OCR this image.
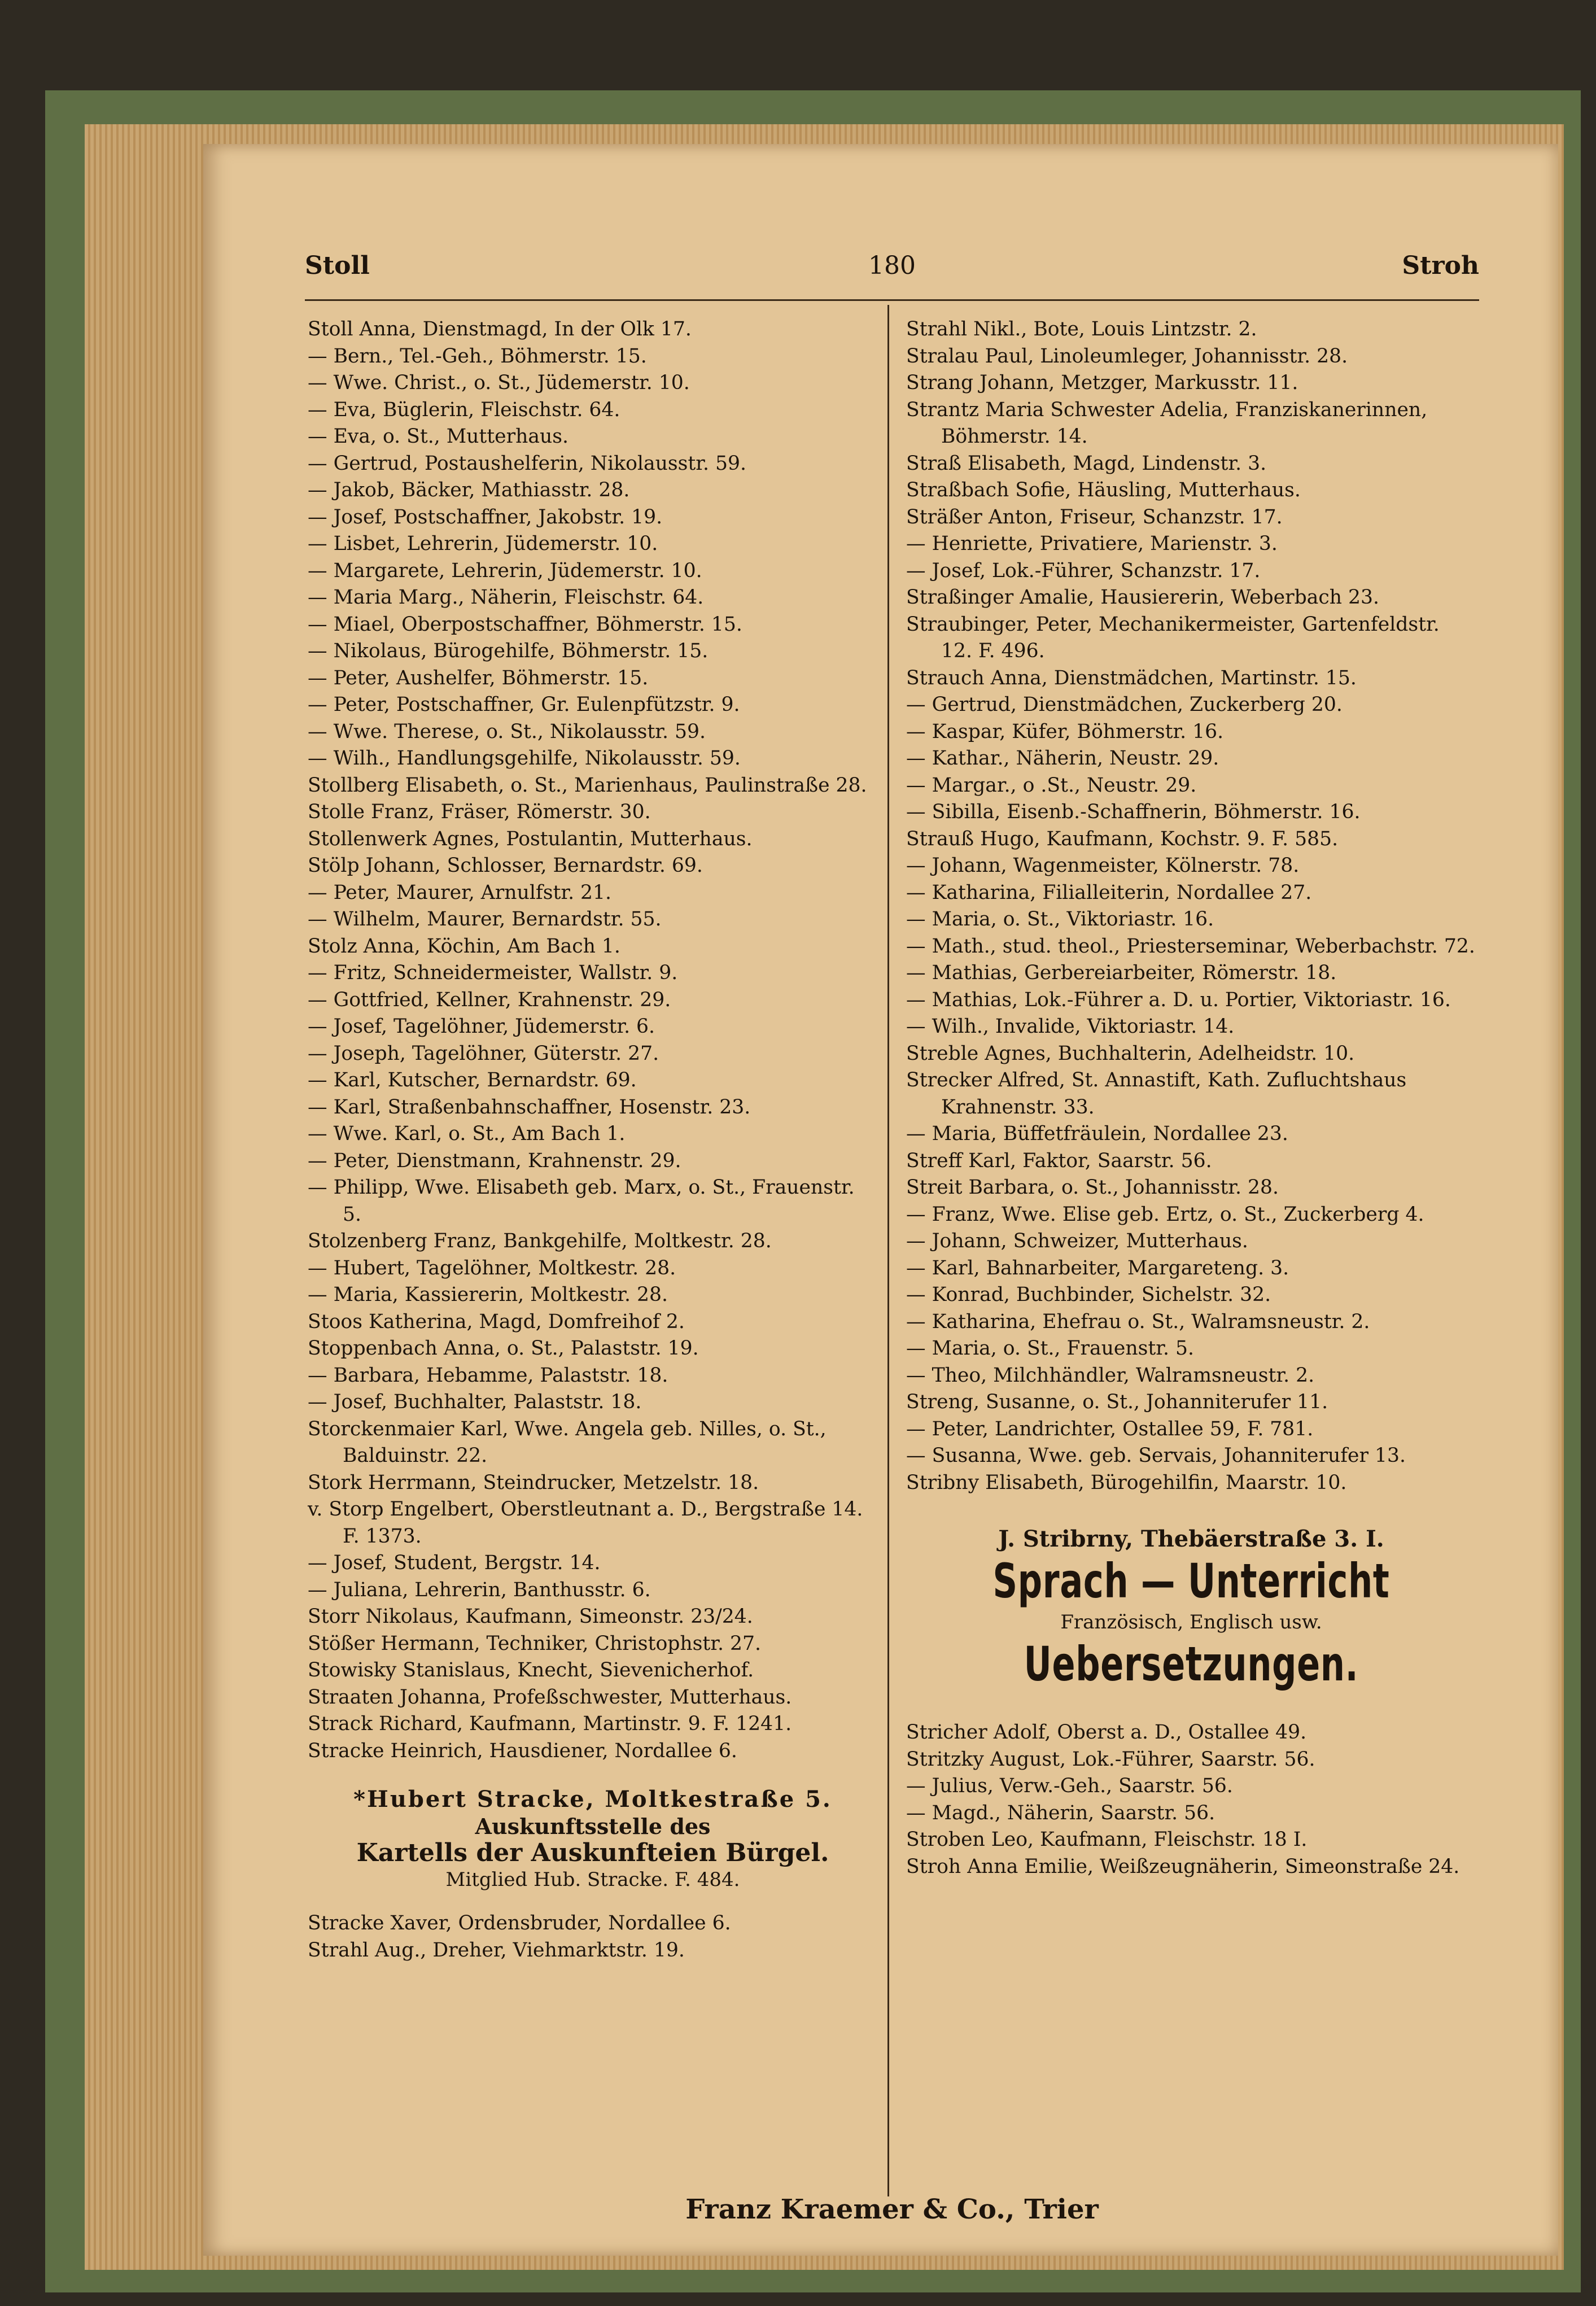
180
Stoll	Stroh
Stoll Anna, Dienstmagd, In der Olk 17.
— Bern., Tel.-Geh., Böhmerstr. 15.
— Wwe. Christ., o. St., Jüdemerstr. 10.
— Eva, Büglerin, Fleischstr. 64.
— Eva, o. St., Mutterhaus.
— Gertrud, Postaushelferin, Nikolausstr. 59.
— Jakob, Bäcker, Mathiasstr. 28.
— Josef, Postschaffner, Jakobstr. 19.
— Lisbet, Lehrerin, Jüdemerstr. 10.
— Margarete, Lehrerin, Jüdemerstr. 10.
— Maria Marg., Näherin, Fleischstr. 64.
— Miael, Oberpostschaffner, Böhmerstr. 15.
— Nikolaus, Bürogehilfe, Böhmerstr. 15.
— Peter, Aushelfer, Böhmerstr. 15.
— Peter, Postschaffner, Gr. Eulenpfützstr. 9.
— Wwe. Therese, o. St., Nikolausstr. 59.
— Wilh., Handlungsgehilfe, Nikolausstr. 59.
Stollberg Elisabeth, o. St., Marienhaus, Paulinstraße 28.
Stolle Franz, Fräser, Römerstr. 30.
Stollenwerk Agnes, Postulantin, Mutterhaus.
Stölp Johann, Schlosser, Bernardstr. 69.
— Peter, Maurer, Arnulfstr. 21.
— Wilhelm, Maurer, Bernardstr. 55.
Stolz Anna, Köchin, Am Bach 1.
— Fritz, Schneidermeister, Wallstr. 9.
— Gottfried, Kellner, Krahnenstr. 29.
— Josef, Tagelöhner, Jüdemerstr. 6.
— Joseph, Tagelöhner, Güterstr. 27.
— Karl, Kutscher, Bernardstr. 69.
— Karl, Straßenbahnschaffner, Hosenstr. 23.
— Wwe. Karl, o. St., Am Bach 1.
— Peter, Dienstmann, Krahnenstr. 29.
— Philipp, Wwe. Elisabeth geb. Marx, o. St., Frauenstr. 5.
Stolzenberg Franz, Bankgehilfe, Moltkestr. 28.
— Hubert, Tagelöhner, Moltkestr. 28.
— Maria, Kassiererin, Moltkestr. 28.
Stoos Katherina, Magd, Domfreihof 2.
Stoppenbach Anna, o. St., Palaststr. 19.
— Barbara, Hebamme, Palaststr. 18.
— Josef, Buchhalter, Palaststr. 18.
Storckenmaier Karl, Wwe. Angela geb. Nilles, o. St., Balduinstr. 22.
Stork Herrmann, Steindrucker, Metzelstr. 18.
v. Storp Engelbert, Oberstleutnant a. D., Bergstraße 14. F. 1373.
— Josef, Student, Bergstr. 14.
— Juliana, Lehrerin, Banthusstr. 6.
Storr Nikolaus, Kaufmann, Simeonstr. 23/24.
Stößer Hermann, Techniker, Christophstr. 27.
Stowisky Stanislaus, Knecht, Sievenicherhof.
Straaten Johanna, Profeßschwester, Mutterhaus.
Strack Richard, Kaufmann, Martinstr. 9. F. 1241.
Stracke Heinrich, Hausdiener, Nordallee 6.
*Hubert Stracke, Moltkestraße 5.
Auskunftsstelle des
Kartells der Auskunfteien Bürgel.
Mitglied Hub. Stracke. F. 484.
Stracke Xaver, Ordensbruder, Nordallee 6.
Strahl Aug., Dreher, Viehmarktstr. 19.
Strahl Nikl., Bote, Louis Lintzstr. 2.
Stralau Paul, Linoleumleger, Johannisstr. 28.
Strang Johann, Metzger, Markusstr. 11.
Strantz Maria Schwester Adelia, Franziskanerinnen, Böhmerstr. 14.
Straß Elisabeth, Magd, Lindenstr. 3.
Straßbach Sofie, Häusling, Mutterhaus.
Sträßer Anton, Friseur, Schanzstr. 17.
— Henriette, Privatiere, Marienstr. 3.
— Josef, Lok.-Führer, Schanzstr. 17.
Straßinger Amalie, Hausiererin, Weberbach 23.
Straubinger, Peter, Mechanikermeister, Gartenfeldstr. 12. F. 496.
Strauch Anna, Dienstmädchen, Martinstr. 15.
— Gertrud, Dienstmädchen, Zuckerberg 20.
— Kaspar, Küfer, Böhmerstr. 16.
— Kathar., Näherin, Neustr. 29.
— Margar., o .St., Neustr. 29.
— Sibilla, Eisenb.-Schaffnerin, Böhmerstr. 16.
Strauß Hugo, Kaufmann, Kochstr. 9. F. 585.
— Johann, Wagenmeister, Kölnerstr. 78.
— Katharina, Filialleiterin, Nordallee 27.
— Maria, o. St., Viktoriastr. 16.
— Math., stud. theol., Priesterseminar, Weberbachstr. 72.
— Mathias, Gerbereiarbeiter, Römerstr. 18.
— Mathias, Lok.-Führer a. D. u. Portier, Viktoriastr. 16.
— Wilh., Invalide, Viktoriastr. 14.
Streble Agnes, Buchhalterin, Adelheidstr. 10.
Strecker Alfred, St. Annastift, Kath. Zufluchtshaus Krahnenstr. 33.
— Maria, Büffetfräulein, Nordallee 23.
Streff Karl, Faktor, Saarstr. 56.
Streit Barbara, o. St., Johannisstr. 28.
— Franz, Wwe. Elise geb. Ertz, o. St., Zuckerberg 4.
— Johann, Schweizer, Mutterhaus.
— Karl, Bahnarbeiter, Margareteng. 3.
— Konrad, Buchbinder, Sichelstr. 32.
— Katharina, Ehefrau o. St., Walramsneustr. 2.
— Maria, o. St., Frauenstr. 5.
— Theo, Milchhändler, Walramsneustr. 2.
Streng, Susanne, o. St., Johanniterufer 11.
— Peter, Landrichter, Ostallee 59, F. 781.
— Susanna, Wwe. geb. Servais, Johanniterufer 13.
Stribny Elisabeth, Bürogehilfin, Maarstr. 10.
J. Stribrny, Thebäerstraße 3. I.
Sprach — Unterricht
Französisch, Englisch usw.
Uebersetzungen.
Stricher Adolf, Oberst a. D., Ostallee 49.
Stritzky August, Lok.-Führer, Saarstr. 56.
— Julius, Verw.-Geh., Saarstr. 56.
— Magd., Näherin, Saarstr. 56.
Stroben Leo, Kaufmann, Fleischstr. 18 I.
Stroh Anna Emilie, Weißzeugnäherin, Simeonstraße 24.
Franz Kraemer & Co., Trier
